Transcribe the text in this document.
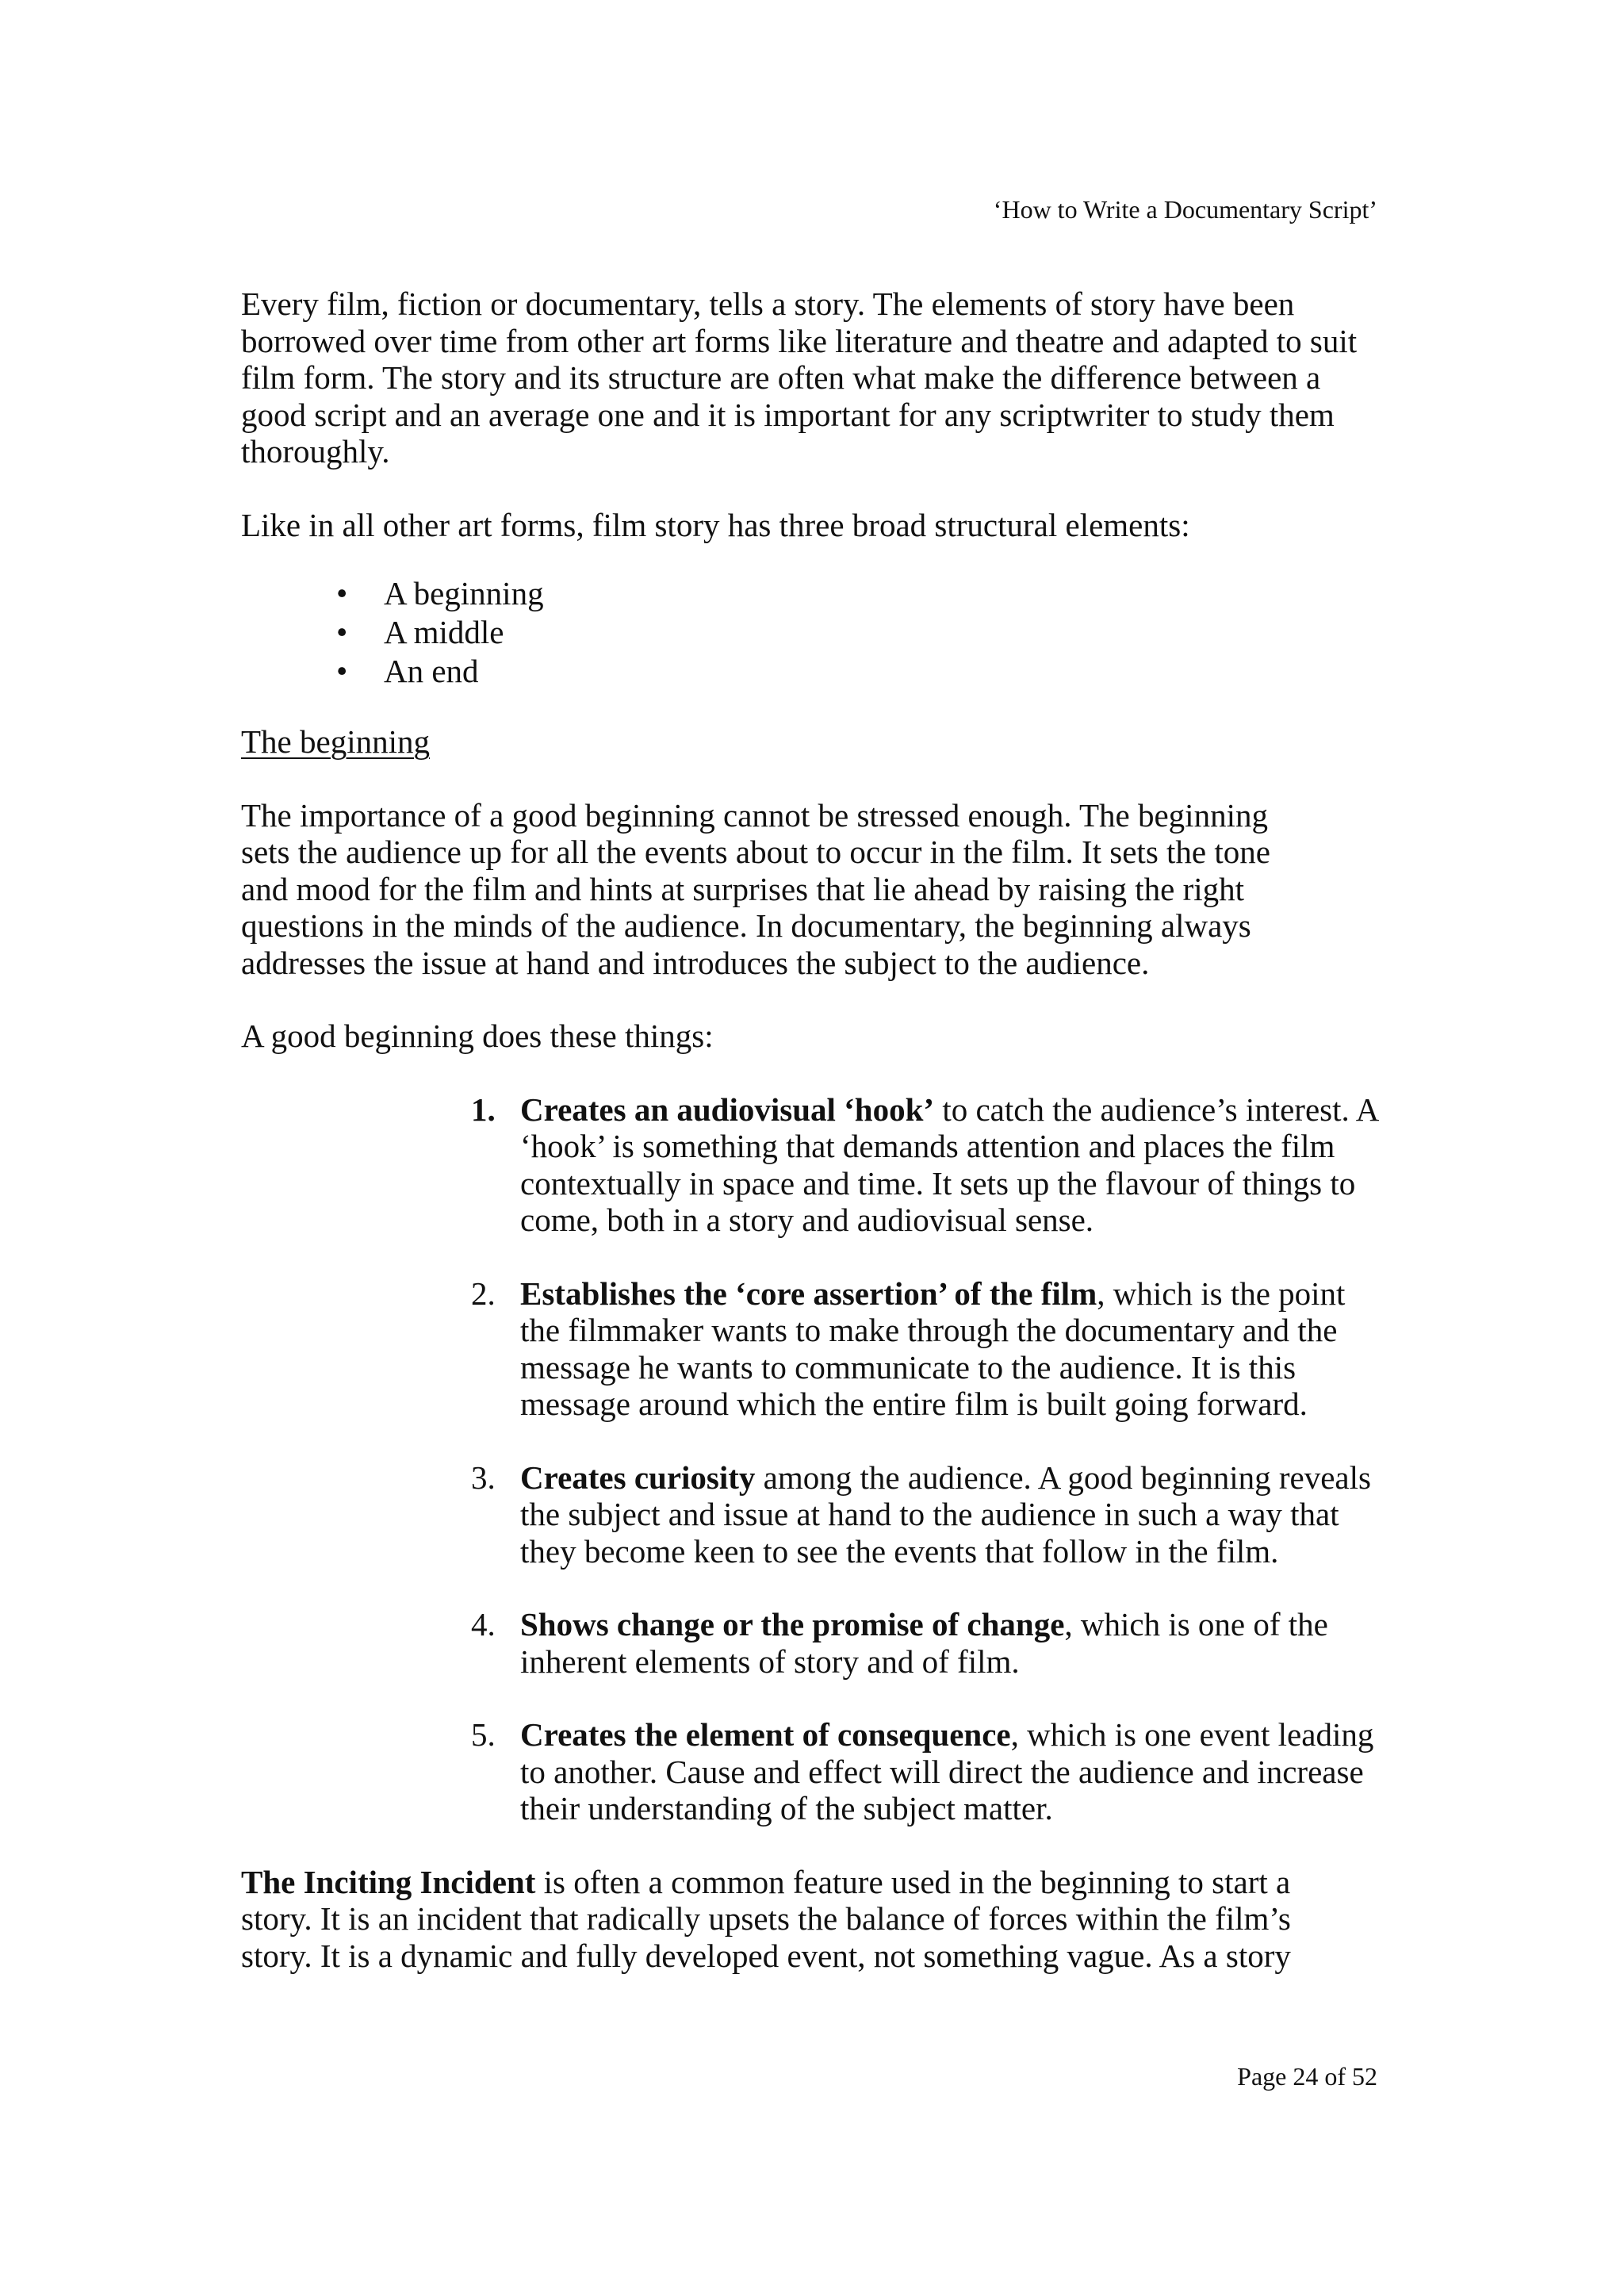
‘How to Write a Documentary Script’

Every film, fiction or documentary, tells a story. The elements of story have been borrowed over time from other art forms like literature and theatre and adapted to suit film form. The story and its structure are often what make the difference between a good script and an average one and it is important for any scriptwriter to study them thoroughly.

Like in all other art forms, film story has three broad structural elements:

•	A beginning
•	A middle
•	An end

The beginning

The importance of a good beginning cannot be stressed enough. The beginning sets the audience up for all the events about to occur in the film. It sets the tone and mood for the film and hints at surprises that lie ahead by raising the right questions in the minds of the audience. In documentary, the beginning always addresses the issue at hand and introduces the subject to the audience.

A good beginning does these things:

1. Creates an audiovisual ‘hook’ to catch the audience’s interest. A ‘hook’ is something that demands attention and places the film contextually in space and time. It sets up the flavour of things to come, both in a story and audiovisual sense.
2. Establishes the ‘core assertion’ of the film, which is the point the filmmaker wants to make through the documentary and the message he wants to communicate to the audience. It is this message around which the entire film is built going forward.
3. Creates curiosity among the audience. A good beginning reveals the subject and issue at hand to the audience in such a way that they become keen to see the events that follow in the film.
4. Shows change or the promise of change, which is one of the inherent elements of story and of film.
5. Creates the element of consequence, which is one event leading to another. Cause and effect will direct the audience and increase their understanding of the subject matter.

The Inciting Incident is often a common feature used in the beginning to start a story. It is an incident that radically upsets the balance of forces within the film’s story. It is a dynamic and fully developed event, not something vague. As a story

Page 24 of 52
